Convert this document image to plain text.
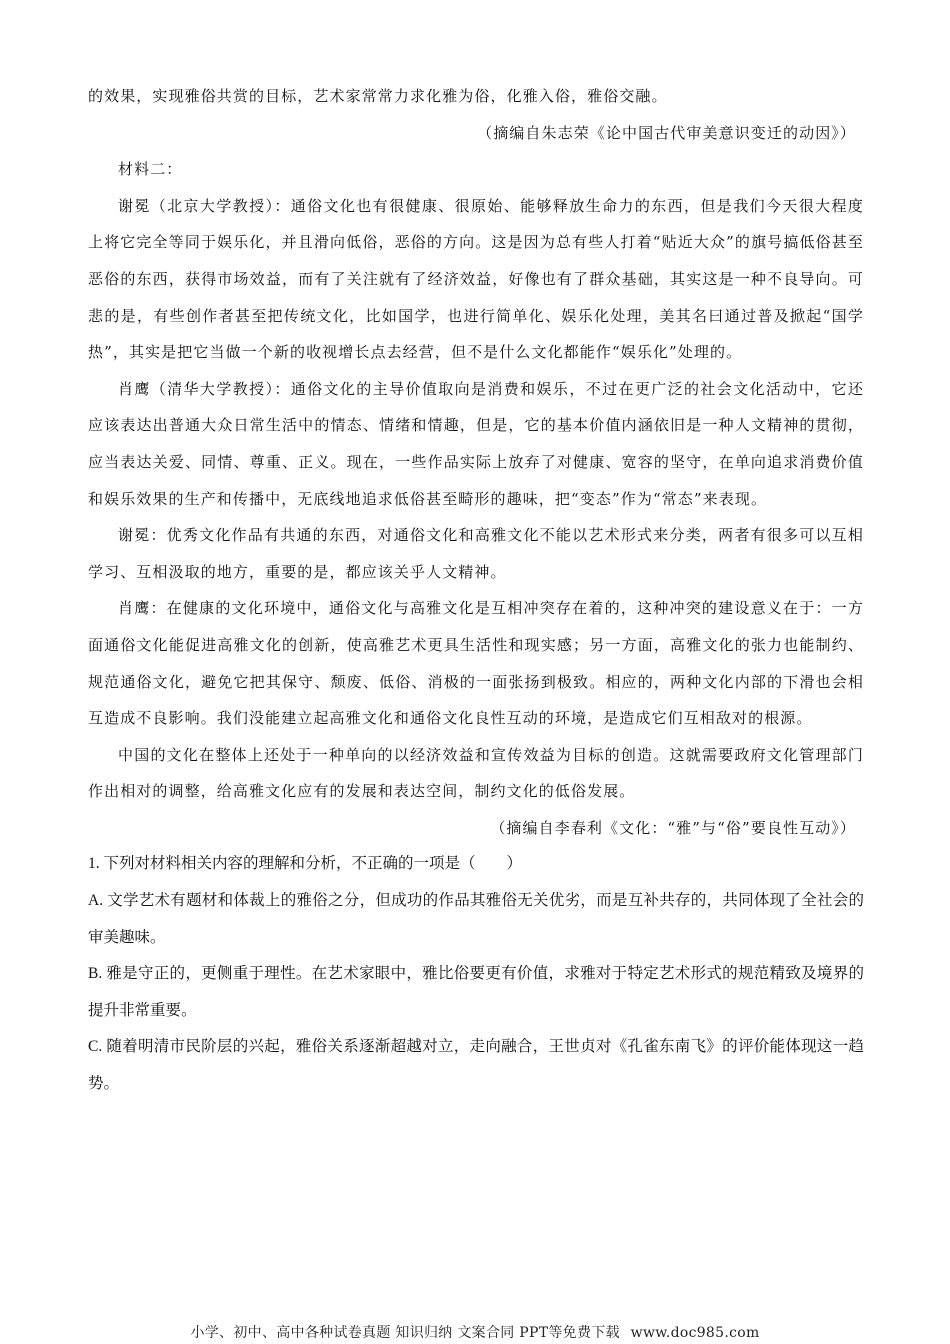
的效果，实现雅俗共赏的目标，艺术家常常力求化雅为俗，化雅入俗，雅俗交融。

（摘编自朱志荣《论中国古代审美意识变迁的动因》）

材料二：

谢冕（北京大学教授）：通俗文化也有很健康、很原始、能够释放生命力的东西，但是我们今天很大程度上将它完全等同于娱乐化，并且滑向低俗，恶俗的方向。这是因为总有些人打着“贴近大众”的旗号搞低俗甚至恶俗的东西，获得市场效益，而有了关注就有了经济效益，好像也有了群众基础，其实这是一种不良导向。可悲的是，有些创作者甚至把传统文化，比如国学，也进行简单化、娱乐化处理，美其名曰通过普及掀起“国学热”，其实是把它当做一个新的收视增长点去经营，但不是什么文化都能作“娱乐化”处理的。

肖鹰（清华大学教授）：通俗文化的主导价值取向是消费和娱乐，不过在更广泛的社会文化活动中，它还应该表达出普通大众日常生活中的情态、情绪和情趣，但是，它的基本价值内涵依旧是一种人文精神的贯彻，应当表达关爱、同情、尊重、正义。现在，一些作品实际上放弃了对健康、宽容的坚守，在单向追求消费价值和娱乐效果的生产和传播中，无底线地追求低俗甚至畸形的趣味，把“变态”作为“常态”来表现。

谢冕：优秀文化作品有共通的东西，对通俗文化和高雅文化不能以艺术形式来分类，两者有很多可以互相学习、互相汲取的地方，重要的是，都应该关乎人文精神。

肖鹰：在健康的文化环境中，通俗文化与高雅文化是互相冲突存在着的，这种冲突的建设意义在于：一方面通俗文化能促进高雅文化的创新，使高雅艺术更具生活性和现实感；另一方面，高雅文化的张力也能制约、规范通俗文化，避免它把其保守、颓废、低俗、消极的一面张扬到极致。相应的，两种文化内部的下滑也会相互造成不良影响。我们没能建立起高雅文化和通俗文化良性互动的环境，是造成它们互相敌对的根源。

中国的文化在整体上还处于一种单向的以经济效益和宣传效益为目标的创造。这就需要政府文化管理部门作出相对的调整，给高雅文化应有的发展和表达空间，制约文化的低俗发展。

（摘编自李春利《文化：“雅”与“俗”要良性互动》）

1. 下列对材料相关内容的理解和分析，不正确的一项是（　　）

A. 文学艺术有题材和体裁上的雅俗之分，但成功的作品其雅俗无关优劣，而是互补共存的，共同体现了全社会的审美趣味。

B. 雅是守正的，更侧重于理性。在艺术家眼中，雅比俗要更有价值，求雅对于特定艺术形式的规范精致及境界的提升非常重要。

C. 随着明清市民阶层的兴起，雅俗关系逐渐超越对立，走向融合，王世贞对《孔雀东南飞》的评价能体现这一趋势。

小学、初中、高中各种试卷真题 知识归纳 文案合同 PPT等免费下载 www.doc985.com
